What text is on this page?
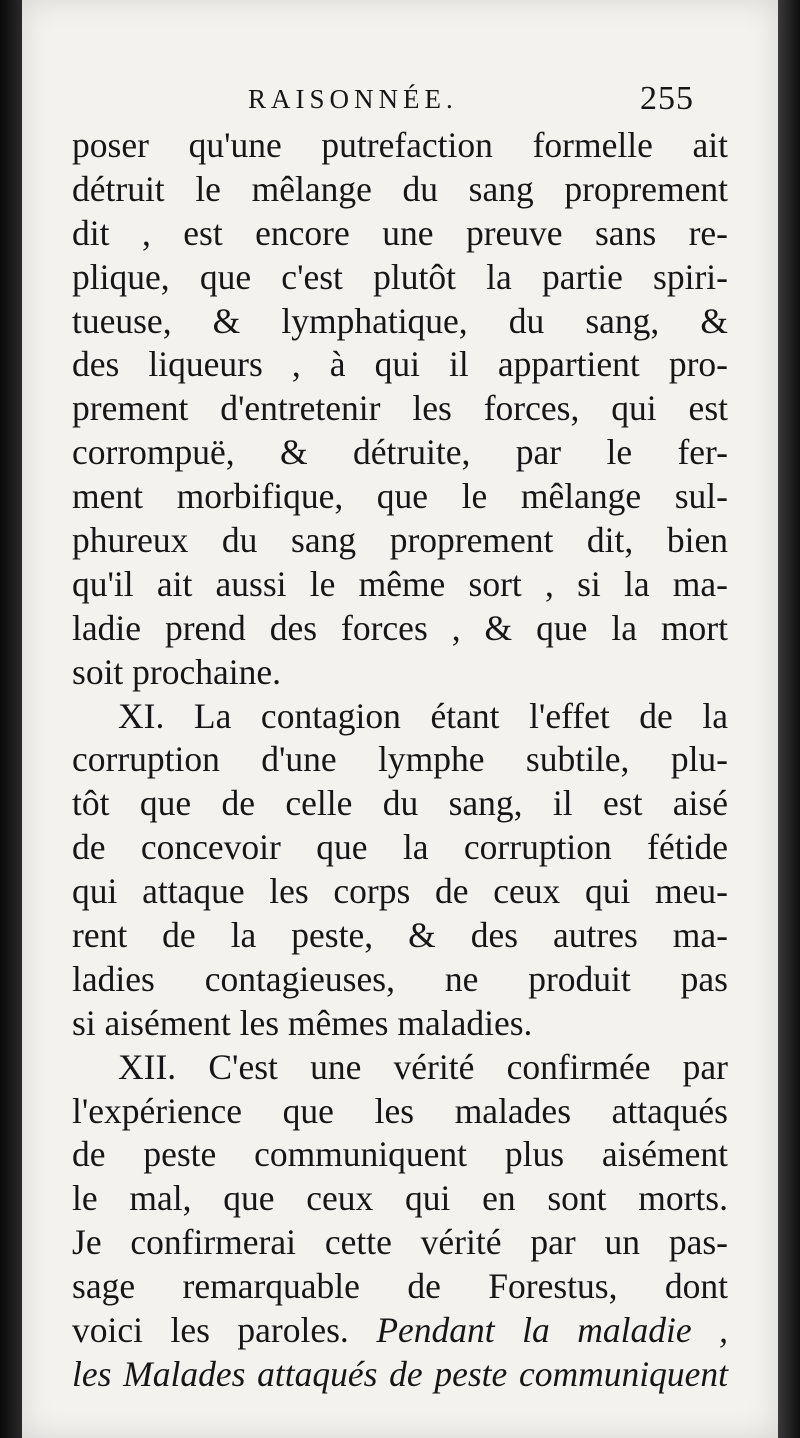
RAISONNÉE.	255
poser qu'une putrefaction formelle ait
détruit le mêlange du sang proprement
dit , est encore une preuve sans re-
plique, que c'est plutôt la partie spiri-
tueuse, & lymphatique, du sang, &
des liqueurs , à qui il appartient pro-
prement d'entretenir les forces, qui est
corrompuë, & détruite, par le fer-
ment morbifique, que le mêlange sul-
phureux du sang proprement dit, bien
qu'il ait aussi le même sort , si la ma-
ladie prend des forces , & que la mort
soit prochaine.
XI. La contagion étant l'effet de la
corruption d'une lymphe subtile, plu-
tôt que de celle du sang, il est aisé
de concevoir que la corruption fétide
qui attaque les corps de ceux qui meu-
rent de la peste, & des autres ma-
ladies contagieuses, ne produit pas
si aisément les mêmes maladies.
XII. C'est une vérité confirmée par
l'expérience que les malades attaqués
de peste communiquent plus aisément
le mal, que ceux qui en sont morts.
Je confirmerai cette vérité par un pas-
sage remarquable de Forestus, dont
voici les paroles. Pendant la maladie ,
les Malades attaqués de peste communiquent
